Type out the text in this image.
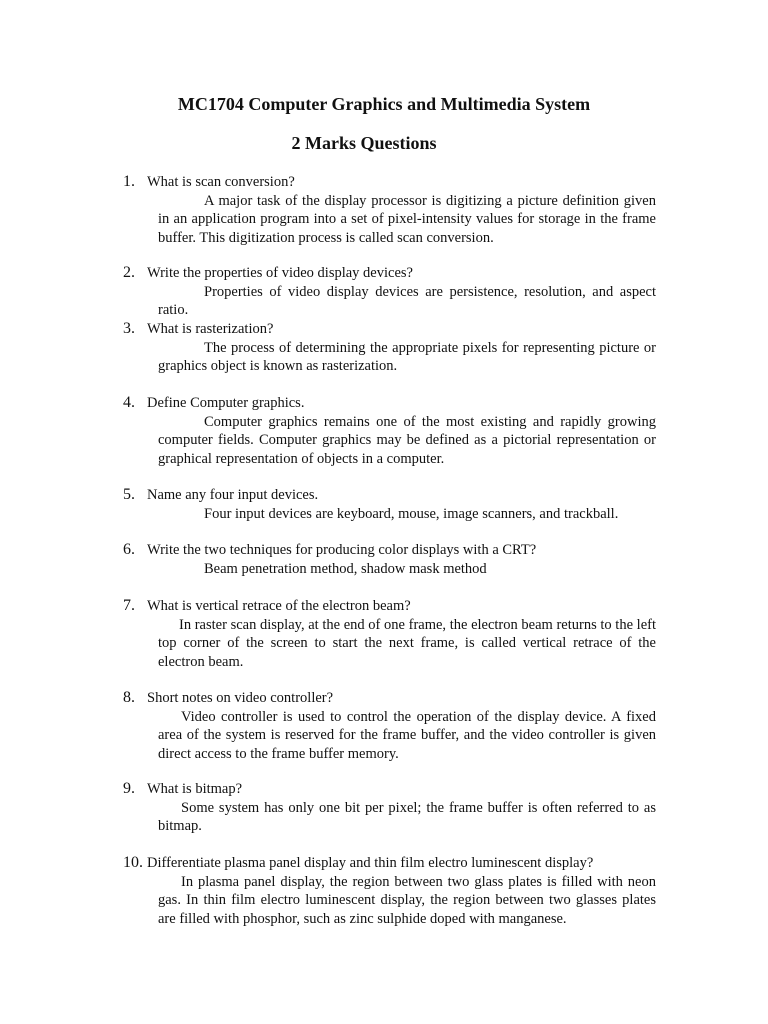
MC1704 Computer Graphics and Multimedia System
2 Marks Questions
1. What is scan conversion?
A major task of the display processor is digitizing a picture definition given in an application program into a set of pixel-intensity values for storage in the frame buffer. This digitization process is called scan conversion.
2. Write the properties of video display devices?
Properties of video display devices are persistence, resolution, and aspect ratio.
3. What is rasterization?
The process of determining the appropriate pixels for representing picture or graphics object is known as rasterization.
4. Define Computer graphics.
Computer graphics remains one of the most existing and rapidly growing computer fields. Computer graphics may be defined as a pictorial representation or graphical representation of objects in a computer.
5. Name any four input devices.
Four input devices are keyboard, mouse, image scanners, and trackball.
6. Write the two techniques for producing color displays with a CRT?
Beam penetration method, shadow mask method
7. What is vertical retrace of the electron beam?
In raster scan display, at the end of one frame, the electron beam returns to the left top corner of the screen to start the next frame, is called vertical retrace of the electron beam.
8. Short notes on video controller?
Video controller is used to control the operation of the display device. A fixed area of the system is reserved for the frame buffer, and the video controller is given direct access to the frame buffer memory.
9. What is bitmap?
Some system has only one bit per pixel; the frame buffer is often referred to as bitmap.
10. Differentiate plasma panel display and thin film electro luminescent display?
In plasma panel display, the region between two glass plates is filled with neon gas. In thin film electro luminescent display, the region between two glasses plates are filled with phosphor, such as zinc sulphide doped with manganese.
